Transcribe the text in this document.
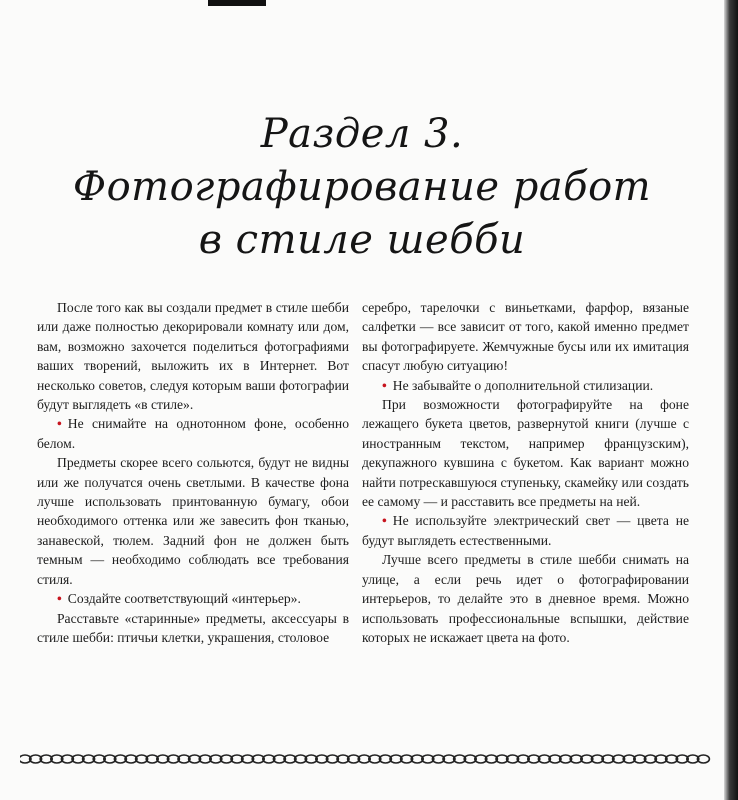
Раздел 3.
Фотографирование работ
в стиле шебби

После того как вы создали предмет в стиле шебби или даже полностью декорировали комнату или дом, вам, возможно захочется поделиться фотографиями ваших творений, выложить их в Интернет. Вот несколько советов, следуя которым ваши фотографии будут выглядеть «в стиле».

• Не снимайте на однотонном фоне, особенно белом.

Предметы скорее всего сольются, будут не видны или же получатся очень светлыми. В качестве фона лучше использовать принтованную бумагу, обои необходимого оттенка или же завесить фон тканью, занавеской, тюлем. Задний фон не должен быть темным — необходимо соблюдать все требования стиля.

• Создайте соответствующий «интерьер».

Расставьте «старинные» предметы, аксессуары в стиле шебби: птичьи клетки, украшения, столовое

серебро, тарелочки с виньетками, фарфор, вязаные салфетки — все зависит от того, какой именно предмет вы фотографируете. Жемчужные бусы или их имитация спасут любую ситуацию!

• Не забывайте о дополнительной стилизации.

При возможности фотографируйте на фоне лежащего букета цветов, развернутой книги (лучше с иностранным текстом, например французским), декупажного кувшина с букетом. Как вариант можно найти потрескавшуюся ступеньку, скамейку или создать ее самому — и расставить все предметы на ней.

• Не используйте электрический свет — цвета не будут выглядеть естественными.

Лучше всего предметы в стиле шебби снимать на улице, а если речь идет о фотографировании интерьеров, то делайте это в дневное время. Можно использовать профессиональные вспышки, действие которых не искажает цвета на фото.
